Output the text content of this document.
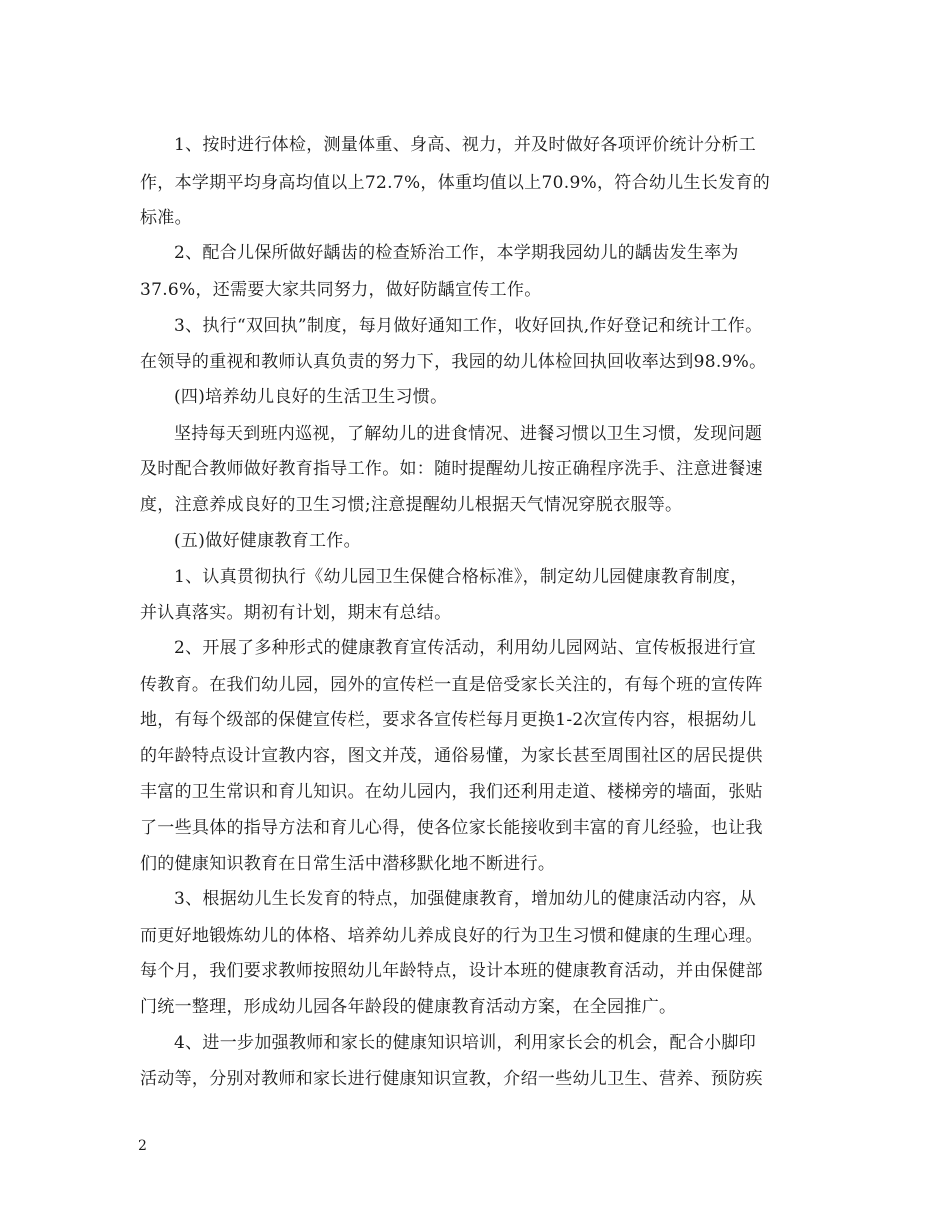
1、按时进行体检，测量体重、身高、视力，并及时做好各项评价统计分析工
作，本学期平均身高均值以上72.7%，体重均值以上70.9%，符合幼儿生长发育的
标准。
2、配合儿保所做好龋齿的检查矫治工作，本学期我园幼儿的龋齿发生率为
37.6%，还需要大家共同努力，做好防龋宣传工作。
3、执行“双回执”制度，每月做好通知工作，收好回执,作好登记和统计工作。
在领导的重视和教师认真负责的努力下，我园的幼儿体检回执回收率达到98.9%。
(四)培养幼儿良好的生活卫生习惯。
坚持每天到班内巡视，了解幼儿的进食情况、进餐习惯以卫生习惯，发现问题
及时配合教师做好教育指导工作。如：随时提醒幼儿按正确程序洗手、注意进餐速
度，注意养成良好的卫生习惯;注意提醒幼儿根据天气情况穿脱衣服等。
(五)做好健康教育工作。
1、认真贯彻执行《幼儿园卫生保健合格标准》，制定幼儿园健康教育制度，
并认真落实。期初有计划，期末有总结。
2、开展了多种形式的健康教育宣传活动，利用幼儿园网站、宣传板报进行宣
传教育。在我们幼儿园，园外的宣传栏一直是倍受家长关注的，有每个班的宣传阵
地，有每个级部的保健宣传栏，要求各宣传栏每月更换1-2次宣传内容，根据幼儿
的年龄特点设计宣教内容，图文并茂，通俗易懂，为家长甚至周围社区的居民提供
丰富的卫生常识和育儿知识。在幼儿园内，我们还利用走道、楼梯旁的墙面，张贴
了一些具体的指导方法和育儿心得，使各位家长能接收到丰富的育儿经验，也让我
们的健康知识教育在日常生活中潜移默化地不断进行。
3、根据幼儿生长发育的特点，加强健康教育，增加幼儿的健康活动内容，从
而更好地锻炼幼儿的体格、培养幼儿养成良好的行为卫生习惯和健康的生理心理。
每个月，我们要求教师按照幼儿年龄特点，设计本班的健康教育活动，并由保健部
门统一整理，形成幼儿园各年龄段的健康教育活动方案，在全园推广。
4、进一步加强教师和家长的健康知识培训，利用家长会的机会，配合小脚印
活动等，分别对教师和家长进行健康知识宣教，介绍一些幼儿卫生、营养、预防疾
2
